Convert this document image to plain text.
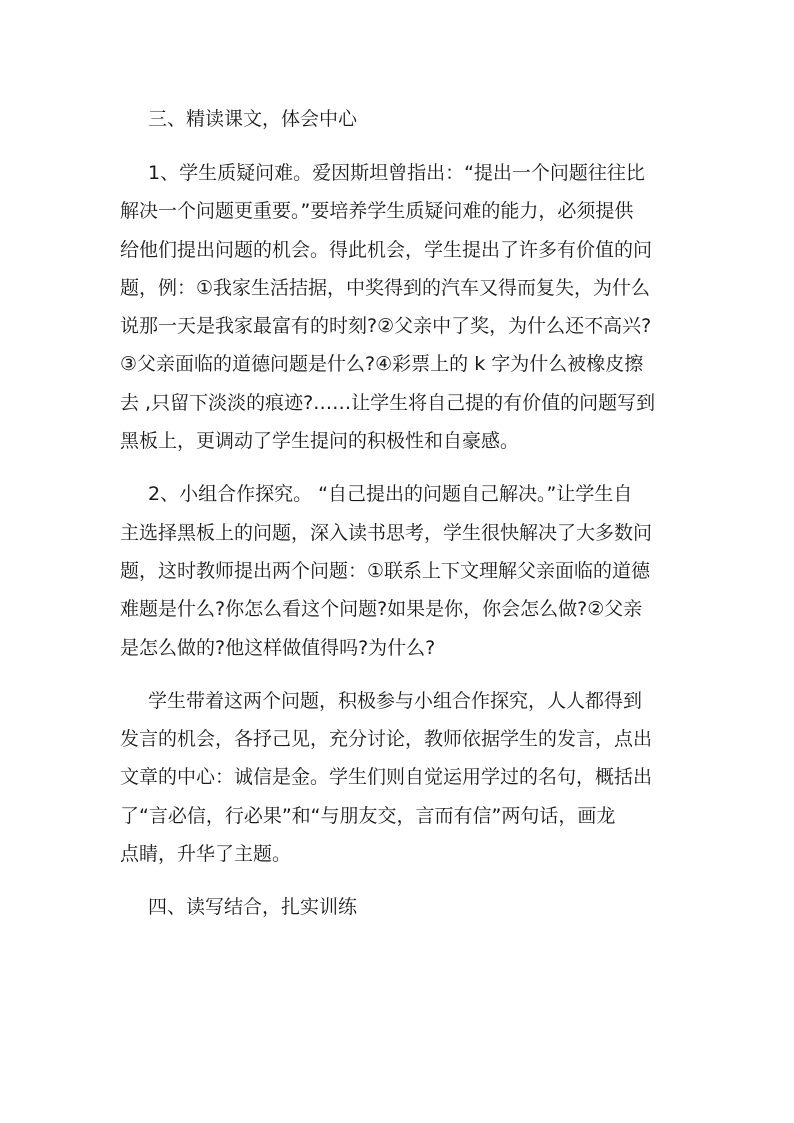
三、精读课文，体会中心
1、学生质疑问难。爱因斯坦曾指出：“提出一个问题往往比
解决一个问题更重要。”要培养学生质疑问难的能力，必须提供
给他们提出问题的机会。得此机会，学生提出了许多有价值的问
题，例：①我家生活拮据，中奖得到的汽车又得而复失，为什么
说那一天是我家最富有的时刻?②父亲中了奖，为什么还不高兴?
③父亲面临的道德问题是什么?④彩票上的 k 字为什么被橡皮擦
去 ,只留下淡淡的痕迹?……让学生将自己提的有价值的问题写到
黑板上，更调动了学生提问的积极性和自豪感。
2、小组合作探究。 “自己提出的问题自己解决。”让学生自
主选择黑板上的问题，深入读书思考，学生很快解决了大多数问
题，这时教师提出两个问题：①联系上下文理解父亲面临的道德
难题是什么?你怎么看这个问题?如果是你，你会怎么做?②父亲
是怎么做的?他这样做值得吗?为什么?
学生带着这两个问题，积极参与小组合作探究，人人都得到
发言的机会，各抒己见，充分讨论，教师依据学生的发言，点出
文章的中心：诚信是金。学生们则自觉运用学过的名句，概括出
了“言必信，行必果”和“与朋友交，言而有信”两句话，画龙
点睛，升华了主题。
四、读写结合，扎实训练
